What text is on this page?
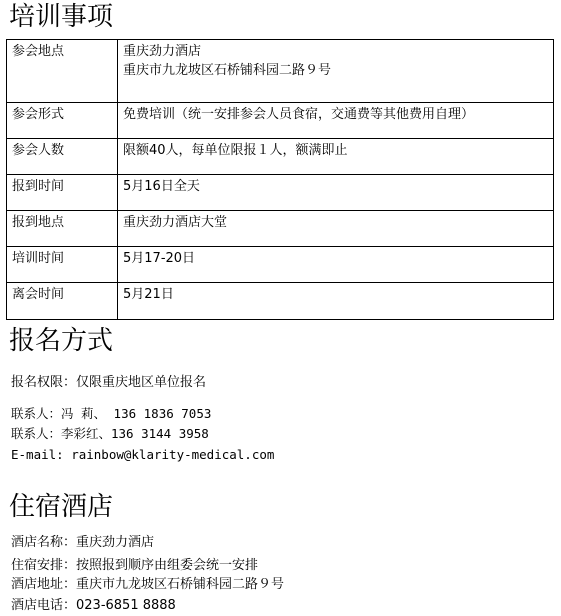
培训事项
参会地点	重庆劲力酒店
重庆市九龙坡区石桥铺科园二路９号

参会形式	免费培训（统一安排参会人员食宿，交通费等其他费用自理）
参会人数	限额40人，每单位限报１人，额满即止
报到时间	5月16日全天
报到地点	重庆劲力酒店大堂
培训时间	5月17-20日
离会时间	5月21日
报名方式

报名权限：仅限重庆地区单位报名

联系人：冯 莉、 136 1836 7053

联系人：李彩红、136 3144 3958

E-mail: rainbow@klarity-medical.com

住宿酒店

酒店名称：重庆劲力酒店

住宿安排：按照报到顺序由组委会统一安排

酒店地址：重庆市九龙坡区石桥铺科园二路９号

酒店电话：023-6851 8888
